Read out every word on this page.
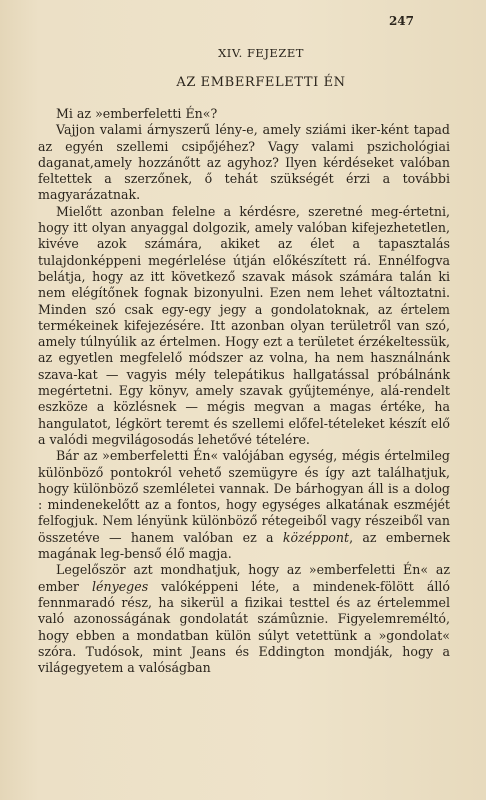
247
XIV. FEJEZET
AZ EMBERFELETTI ÉN

Mi az »emberfeletti Én«?

Vajjon valami árnyszerű lény-e, amely sziámi iker-ként tapad az egyén szellemi csipőjéhez? Vagy valami pszichológiai daganat,amely hozzánőtt az agyhoz? Ilyen kérdéseket valóban feltettek a szerzőnek, ő tehát szükségét érzi a további magyarázatnak.

Mielőtt azonban felelne a kérdésre, szeretné meg-értetni, hogy itt olyan anyaggal dolgozik, amely valóban kifejezhetetlen, kivéve azok számára, akiket az élet a tapasztalás tulajdonképpeni megérlelése útján előkészített rá. Ennélfogva belátja, hogy az itt következő szavak mások számára talán ki nem elégítőnek fognak bizonyulni. Ezen nem lehet változtatni. Minden szó csak egy-egy jegy a gondolatoknak, az értelem termékeinek kifejezésére. Itt azonban olyan területről van szó, amely túlnyúlik az értelmen. Hogy ezt a területet érzékeltessük, az egyetlen megfelelő módszer az volna, ha nem használnánk szava-kat — vagyis mély telepátikus hallgatással próbálnánk megértetni. Egy könyv, amely szavak gyűjteménye, alá-rendelt eszköze a közlésnek — mégis megvan a magas értéke, ha hangulatot, légkört teremt és szellemi előfel-tételeket készít elő a valódi megvilágosodás lehetővé tételére.

Bár az »emberfeletti Én« valójában egység, mégis értelmileg különböző pontokról vehető szemügyre és így azt találhatjuk, hogy különböző szemléletei vannak. De bárhogyan áll is a dolog : mindenekelőtt az a fontos, hogy egységes alkatának eszméjét felfogjuk. Nem lényünk különböző rétegeiből vagy részeiből van összetéve — hanem valóban ez a középpont, az embernek magának leg-benső élő magja.

Legelőször azt mondhatjuk, hogy az »emberfeletti Én« az ember lényeges valóképpeni léte, a mindenek-fölött álló fennmaradó rész, ha sikerül a fizikai testtel és az értelemmel való azonosságának gondolatát számûznie. Figyelemreméltó, hogy ebben a mondatban külön súlyt vetettünk a »gondolat« szóra. Tudósok, mint Jeans és Eddington mondják, hogy a világegyetem a valóságban
